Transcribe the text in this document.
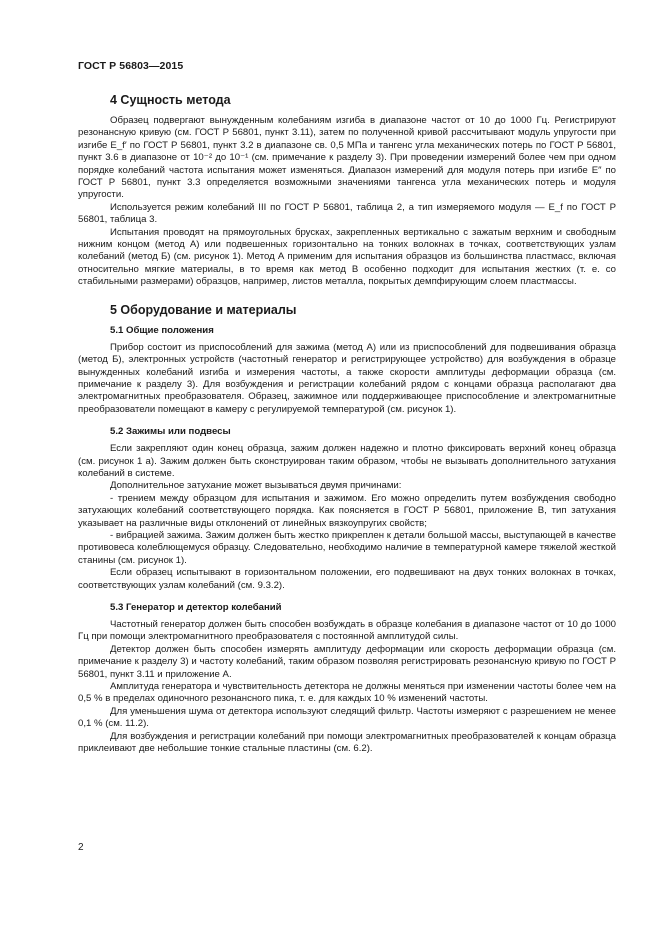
ГОСТ Р 56803—2015
4 Сущность метода

Образец подвергают вынужденным колебаниям изгиба в диапазоне частот от 10 до 1000 Гц. Регистрируют резонансную кривую (см. ГОСТ Р 56801, пункт 3.11), затем по полученной кривой рассчитывают модуль упругости при изгибе E_f′ по ГОСТ Р 56801, пункт 3.2 в диапазоне св. 0,5 МПа и тангенс угла механических потерь по ГОСТ Р 56801, пункт 3.6 в диапазоне от 10⁻² до 10⁻¹ (см. примечание к разделу 3). При проведении измерений более чем при одном порядке колебаний частота испытания может изменяться. Диапазон измерений для модуля потерь при изгибе E″ по ГОСТ Р 56801, пункт 3.3 определяется возможными значениями тангенса угла механических потерь и модуля упругости.

Используется режим колебаний III по ГОСТ Р 56801, таблица 2, а тип измеряемого модуля — E_f по ГОСТ Р 56801, таблица 3.

Испытания проводят на прямоугольных брусках, закрепленных вертикально с зажатым верхним и свободным нижним концом (метод А) или подвешенных горизонтально на тонких волокнах в точках, соответствующих узлам колебаний (метод Б) (см. рисунок 1). Метод А применим для испытания образцов из большинства пластмасс, включая относительно мягкие материалы, в то время как метод В особенно подходит для испытания жестких (т. е. со стабильными размерами) образцов, например, листов металла, покрытых демпфирующим слоем пластмассы.

5 Оборудование и материалы
5.1 Общие положения

Прибор состоит из приспособлений для зажима (метод А) или из приспособлений для подвешивания образца (метод Б), электронных устройств (частотный генератор и регистрирующее устройство) для возбуждения в образце вынужденных колебаний изгиба и измерения частоты, а также скорости амплитуды деформации образца (см. примечание к разделу 3). Для возбуждения и регистрации колебаний рядом с концами образца располагают два электромагнитных преобразователя. Образец, зажимное или поддерживающее приспособление и электромагнитные преобразователи помещают в камеру с регулируемой температурой (см. рисунок 1).

5.2 Зажимы или подвесы

Если закрепляют один конец образца, зажим должен надежно и плотно фиксировать верхний конец образца (см. рисунок 1 а). Зажим должен быть сконструирован таким образом, чтобы не вызывать дополнительного затухания колебаний в системе.

Дополнительное затухание может вызываться двумя причинами:

- трением между образцом для испытания и зажимом. Его можно определить путем возбуждения свободно затухающих колебаний соответствующего порядка. Как поясняется в ГОСТ Р 56801, приложение В, тип затухания указывает на различные виды отклонений от линейных вязкоупругих свойств;

- вибрацией зажима. Зажим должен быть жестко прикреплен к детали большой массы, выступающей в качестве противовеса колеблющемуся образцу. Следовательно, необходимо наличие в температурной камере тяжелой жесткой станины (см. рисунок 1).

Если образец испытывают в горизонтальном положении, его подвешивают на двух тонких волокнах в точках, соответствующих узлам колебаний (см. 9.3.2).

5.3 Генератор и детектор колебаний

Частотный генератор должен быть способен возбуждать в образце колебания в диапазоне частот от 10 до 1000 Гц при помощи электромагнитного преобразователя с постоянной амплитудой силы.

Детектор должен быть способен измерять амплитуду деформации или скорость деформации образца (см. примечание к разделу 3) и частоту колебаний, таким образом позволяя регистрировать резонансную кривую по ГОСТ Р 56801, пункт 3.11 и приложение А.

Амплитуда генератора и чувствительность детектора не должны меняться при изменении частоты более чем на 0,5 % в пределах одиночного резонансного пика, т. е. для каждых 10 % изменений частоты.

Для уменьшения шума от детектора используют следящий фильтр. Частоты измеряют с разрешением не менее 0,1 % (см. 11.2).

Для возбуждения и регистрации колебаний при помощи электромагнитных преобразователей к концам образца приклеивают две небольшие тонкие стальные пластины (см. 6.2).

2
